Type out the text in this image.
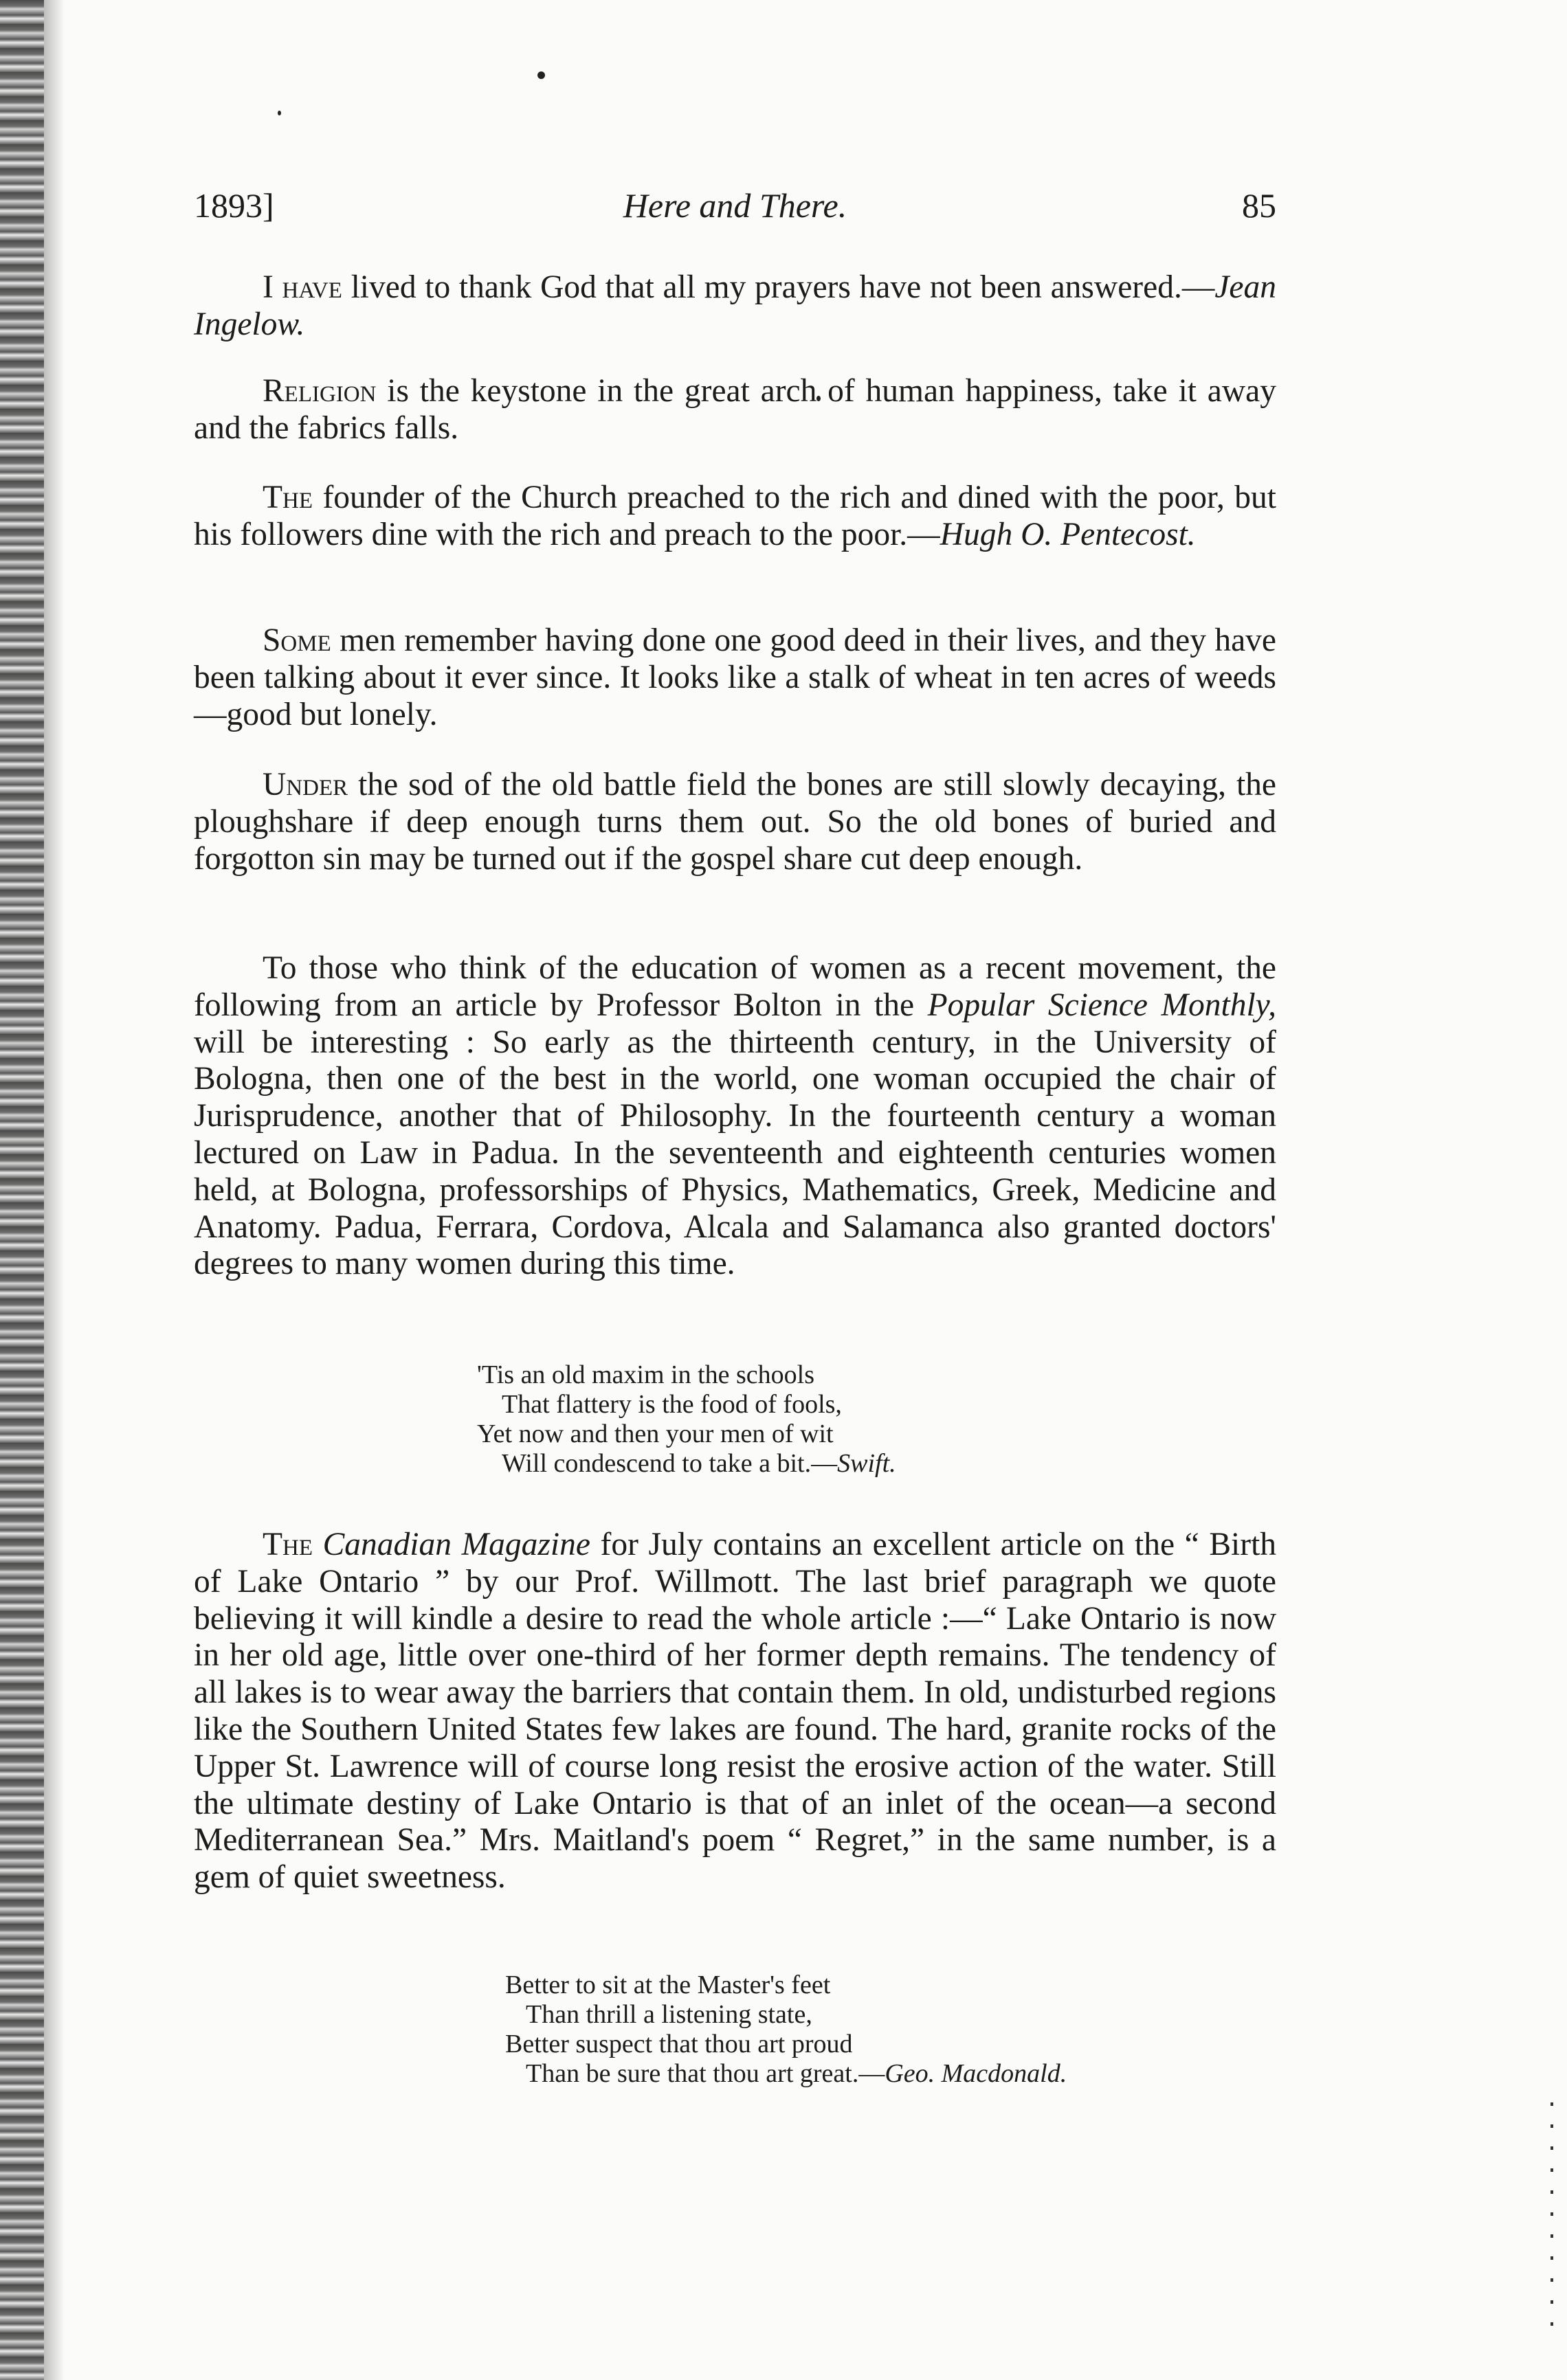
1893]	Here and There.	85

I have lived to thank God that all my prayers have not been answered.—Jean Ingelow.

Religion is the keystone in the great arch of human happiness, take it away and the fabrics falls.

The founder of the Church preached to the rich and dined with the poor, but his followers dine with the rich and preach to the poor.—Hugh O. Pentecost.

Some men remember having done one good deed in their lives, and they have been talking about it ever since. It looks like a stalk of wheat in ten acres of weeds—good but lonely.

Under the sod of the old battle field the bones are still slowly decaying, the ploughshare if deep enough turns them out. So the old bones of buried and forgotton sin may be turned out if the gospel share cut deep enough.

To those who think of the education of women as a recent movement, the following from an article by Professor Bolton in the Popular Science Monthly, will be interesting : So early as the thirteenth century, in the University of Bologna, then one of the best in the world, one woman occupied the chair of Jurisprudence, another that of Philosophy. In the fourteenth century a woman lectured on Law in Padua. In the seventeenth and eighteenth centuries women held, at Bologna, professorships of Physics, Mathematics, Greek, Medicine and Anatomy. Padua, Ferrara, Cordova, Alcala and Salamanca also granted doctors' degrees to many women during this time.

'Tis an old maxim in the schools
That flattery is the food of fools,
Yet now and then your men of wit
Will condescend to take a bit.—Swift.

The Canadian Magazine for July contains an excellent article on the “ Birth of Lake Ontario ” by our Prof. Willmott. The last brief paragraph we quote believing it will kindle a desire to read the whole article :—“ Lake Ontario is now in her old age, little over one-third of her former depth remains. The tendency of all lakes is to wear away the barriers that contain them. In old, undisturbed regions like the Southern United States few lakes are found. The hard, granite rocks of the Upper St. Lawrence will of course long resist the erosive action of the water. Still the ultimate destiny of Lake Ontario is that of an inlet of the ocean—a second Mediterranean Sea.” Mrs. Maitland's poem “ Regret,” in the same number, is a gem of quiet sweetness.

Better to sit at the Master's feet
Than thrill a listening state,
Better suspect that thou art proud
Than be sure that thou art great.—Geo. Macdonald.
